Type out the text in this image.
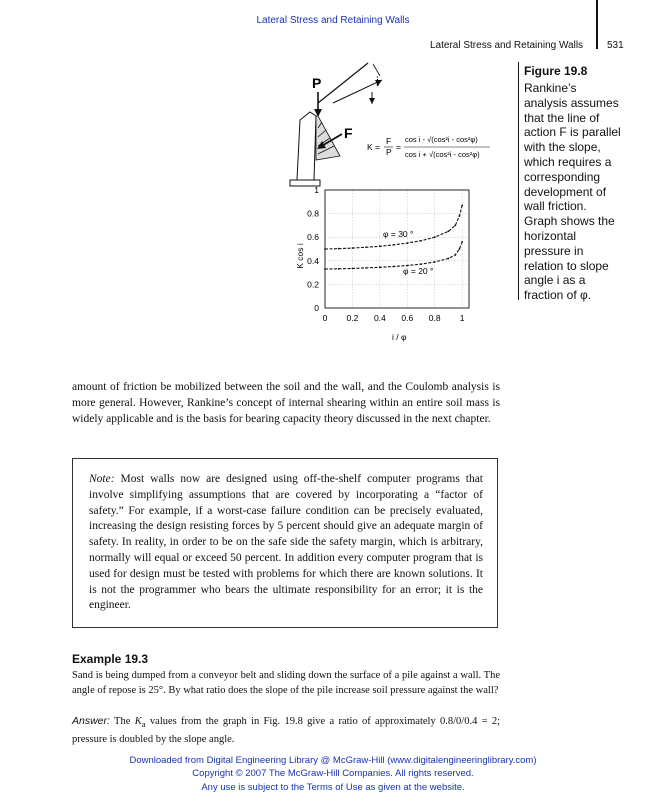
Lateral Stress and Retaining Walls
Lateral Stress and Retaining Walls 531
i
P
F
K =
F
P =
cos i - √(cos²i - cos²φ)
cos i + √(cos²i - cos²φ)
0 0.2 0.4 0.6 0.8 1
0
0.2
0.4
0.6
0.8
1
φ = 30 °
φ = 20 °
i / φ
K cos i
Figure 19.8
Rankine’s
analysis assumes
that the line of
action F is parallel
with the slope,
which requires a
corresponding
development of
wall friction.
Graph shows the
horizontal
pressure in
relation to slope
angle i as a
fraction of φ.
amount of friction be mobilized between the soil and the wall, and the Coulomb analysis is more general. However, Rankine’s concept of internal shearing within an entire soil mass is widely applicable and is the basis for bearing capacity theory discussed in the next chapter.

Note: Most walls now are designed using off-the-shelf computer programs that involve simplifying assumptions that are covered by incorporating a “factor of safety.” For example, if a worst-case failure condition can be precisely evaluated, increasing the design resisting forces by 5 percent should give an adequate margin of safety. In reality, in order to be on the safe side the safety margin, which is arbitrary, normally will equal or exceed 50 percent. In addition every computer program that is used for design must be tested with problems for which there are known solutions. It is not the programmer who bears the ultimate responsibility for an error; it is the engineer.

Example 19.3
Sand is being dumped from a conveyor belt and sliding down the surface of a pile against a wall. The angle of repose is 25°. By what ratio does the slope of the pile increase soil pressure against the wall?
Answer: The $K_a$ values from the graph in Fig. 19.8 give a ratio of approximately 0.8/0/0.4 = 2; pressure is doubled by the slope angle.
Downloaded from Digital Engineering Library @ McGraw-Hill (www.digitalengineeringlibrary.com)
Copyright © 2007 The McGraw-Hill Companies. All rights reserved.
Any use is subject to the Terms of Use as given at the website.
